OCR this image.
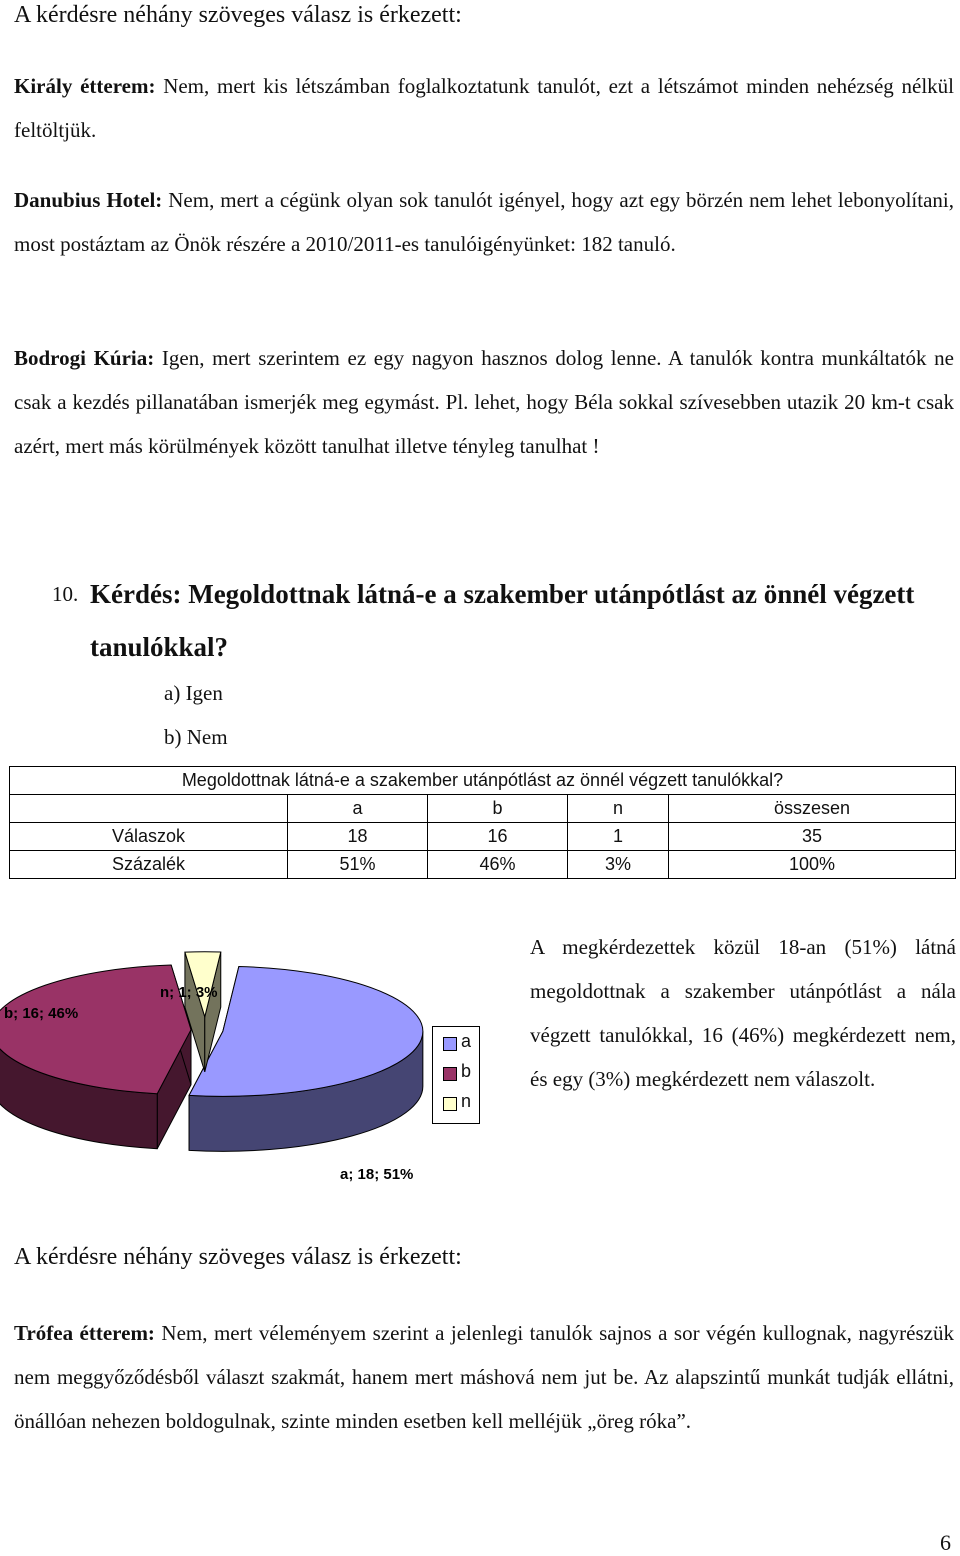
A kérdésre néhány szöveges válasz is érkezett:
Király étterem: Nem, mert kis létszámban foglalkoztatunk tanulót, ezt a létszámot minden nehézség nélkül feltöltjük.
Danubius Hotel: Nem, mert a cégünk olyan sok tanulót igényel, hogy azt egy börzén nem lehet lebonyolítani, most postáztam az Önök részére a 2010/2011-es tanulóigényünket: 182 tanuló.
Bodrogi Kúria: Igen, mert szerintem ez egy nagyon hasznos dolog lenne. A tanulók kontra munkáltatók ne csak a kezdés pillanatában ismerjék meg egymást. Pl. lehet, hogy Béla sokkal szívesebben utazik 20 km-t csak azért, mert más körülmények között tanulhat illetve tényleg tanulhat !
10. Kérdés: Megoldottnak látná-e a szakember utánpótlást az önnél végzett tanulókkal?
a) Igen
b) Nem
Megoldottnak látná-e a szakember utánpótlást az önnél végzett tanulókkal?				
	a	b	n	összesen
Válaszok	18	16	1	35
Százalék	51%	46%	3%	100%
b; 16; 46%
n; 1; 3%
a; 18; 51%
a
b
n
A megkérdezettek közül 18-an (51%) látná megoldottnak a szakember utánpótlást a nála végzett tanulókkal, 16 (46%) megkérdezett nem, és egy (3%) megkérdezett nem válaszolt.
A kérdésre néhány szöveges válasz is érkezett:
Trófea étterem: Nem, mert véleményem szerint a jelenlegi tanulók sajnos a sor végén kullognak, nagyrészük nem meggyőződésből választ szakmát, hanem mert máshová nem jut be. Az alapszintű munkát tudják ellátni, önállóan nehezen boldogulnak, szinte minden esetben kell melléjük „öreg róka”.
6
